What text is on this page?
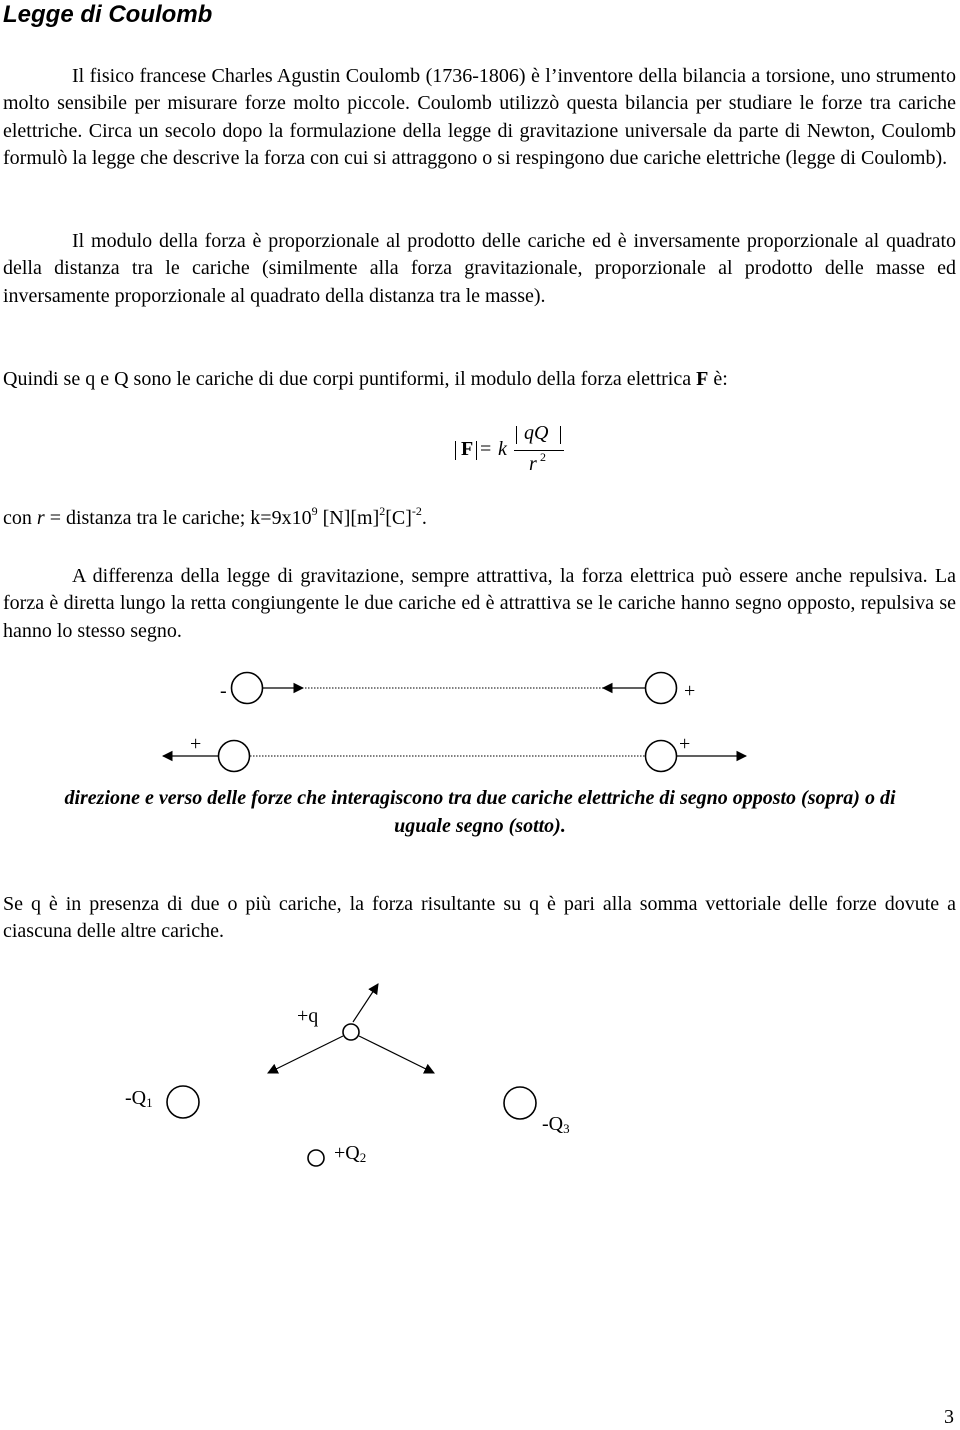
Legge di Coulomb

Il fisico francese Charles Agustin Coulomb (1736-1806) è l’inventore della bilancia a torsione, uno strumento molto sensibile per misurare forze molto piccole. Coulomb utilizzò questa bilancia per studiare le forze tra cariche elettriche. Circa un secolo dopo la formulazione della legge di gravitazione universale da parte di Newton, Coulomb formulò la legge che descrive la forza con cui si attraggono o si respingono due cariche elettriche (legge di Coulomb).

Il modulo della forza è proporzionale al prodotto delle cariche ed è inversamente proporzionale al quadrato della distanza tra le cariche (similmente alla forza gravitazionale, proporzionale al prodotto delle masse ed inversamente proporzionale al quadrato della distanza tra le masse).

Quindi se q e Q sono le cariche di due corpi puntiformi, il modulo della forza elettrica F è:

F = k
qQ
r 2

con r = distanza tra le cariche; $k=9x10^9$ $[N][m]^2[C]^{-2}$.

A differenza della legge di gravitazione, sempre attrattiva, la forza elettrica può essere anche repulsiva. La forza è diretta lungo la retta congiungente le due cariche ed è attrattiva se le cariche hanno segno opposto, repulsiva se hanno lo stesso segno.

-	+
+	+

direzione e verso delle forze che interagiscono tra due cariche elettriche di segno opposto (sopra) o di uguale segno (sotto).

Se q è in presenza di due o più cariche, la forza risultante su q è pari alla somma vettoriale delle forze dovute a ciascuna delle altre cariche.

+q
$-Q_1$
$+Q_2$
$-Q_3$
3
